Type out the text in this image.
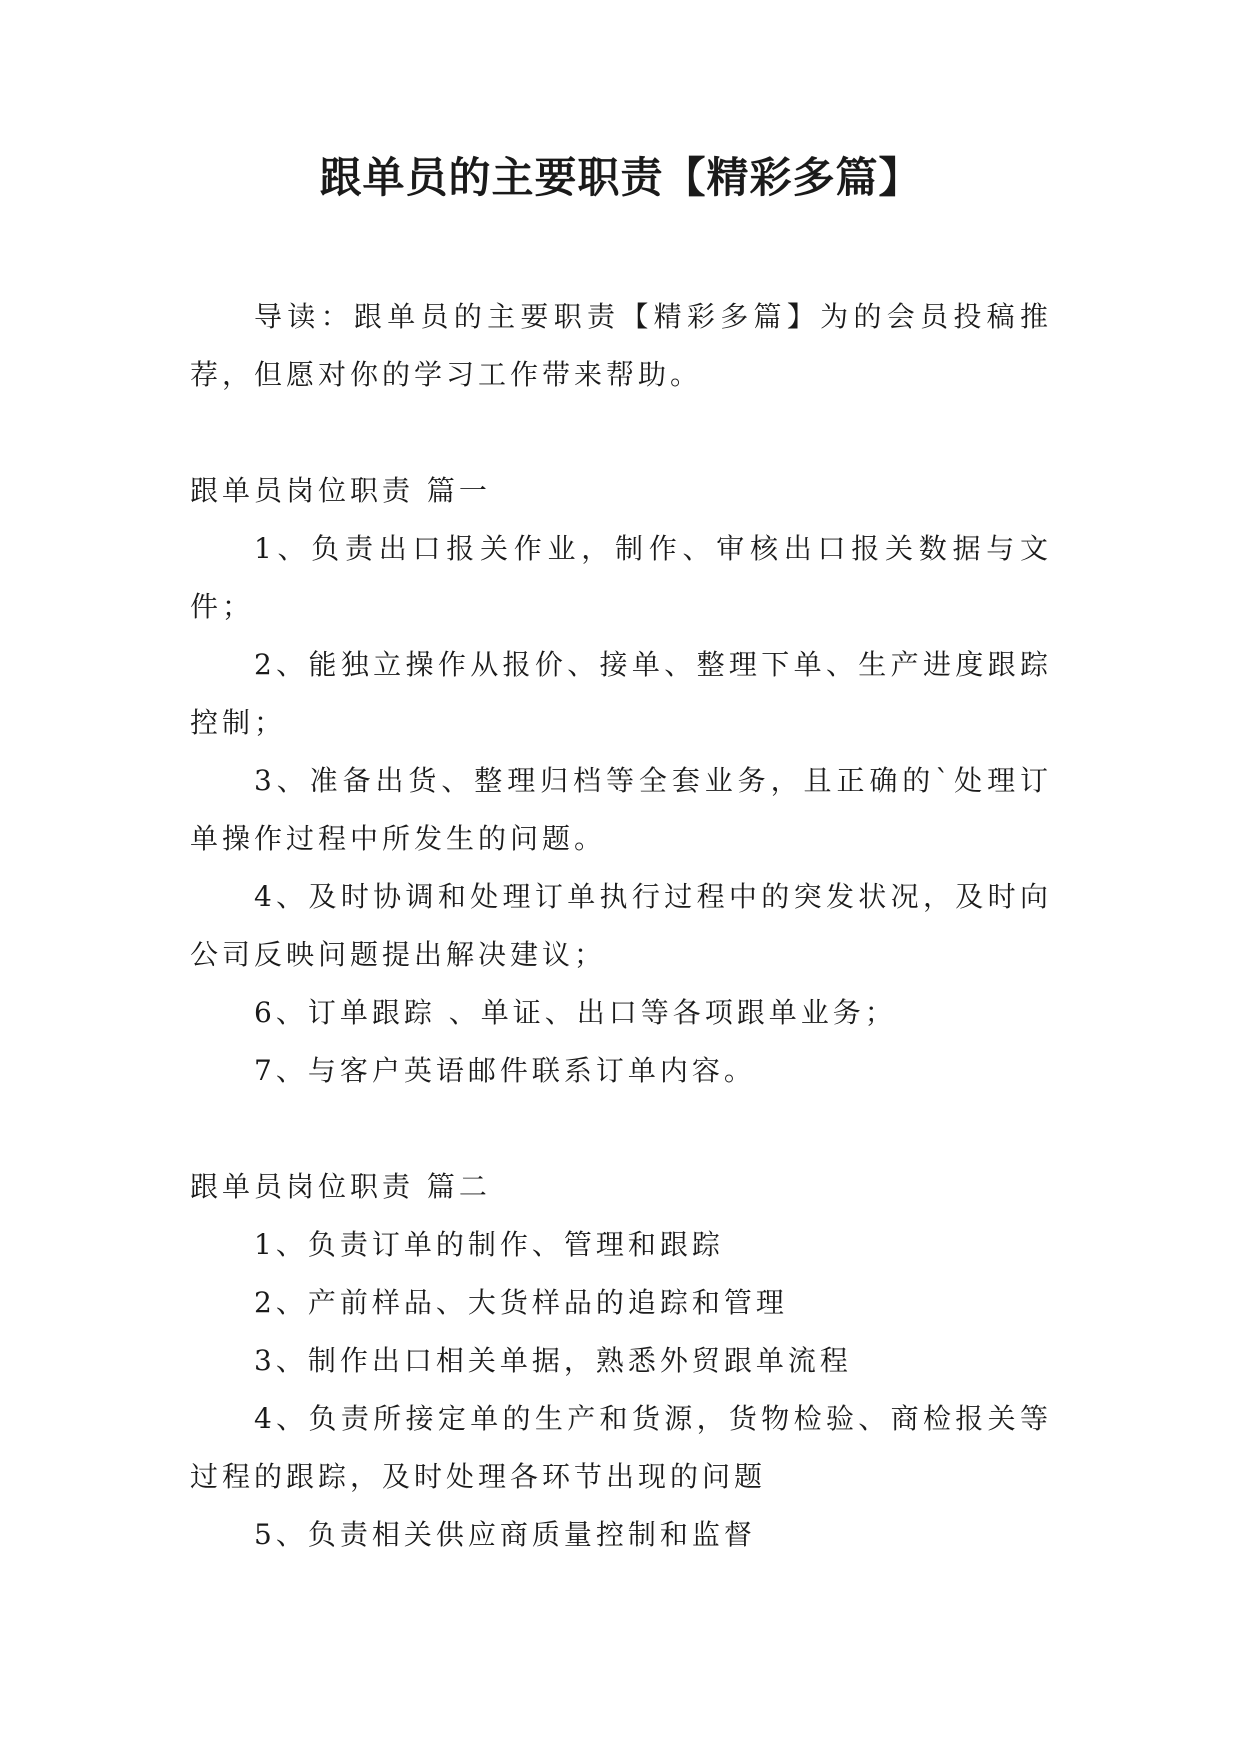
跟单员的主要职责【精彩多篇】

导读：跟单员的主要职责【精彩多篇】为的会员投稿推荐，但愿对你的学习工作带来帮助。

跟单员岗位职责 篇一

1、负责出口报关作业，制作、审核出口报关数据与文件；

2、能独立操作从报价、接单、整理下单、生产进度跟踪控制；

3、准备出货、整理归档等全套业务，且正确的`处理订单操作过程中所发生的问题。

4、及时协调和处理订单执行过程中的突发状况，及时向公司反映问题提出解决建议；

6、订单跟踪 、单证、出口等各项跟单业务；

7、与客户英语邮件联系订单内容。

跟单员岗位职责 篇二

1、负责订单的制作、管理和跟踪

2、产前样品、大货样品的追踪和管理

3、制作出口相关单据，熟悉外贸跟单流程

4、负责所接定单的生产和货源，货物检验、商检报关等过程的跟踪，及时处理各环节出现的问题

5、负责相关供应商质量控制和监督
